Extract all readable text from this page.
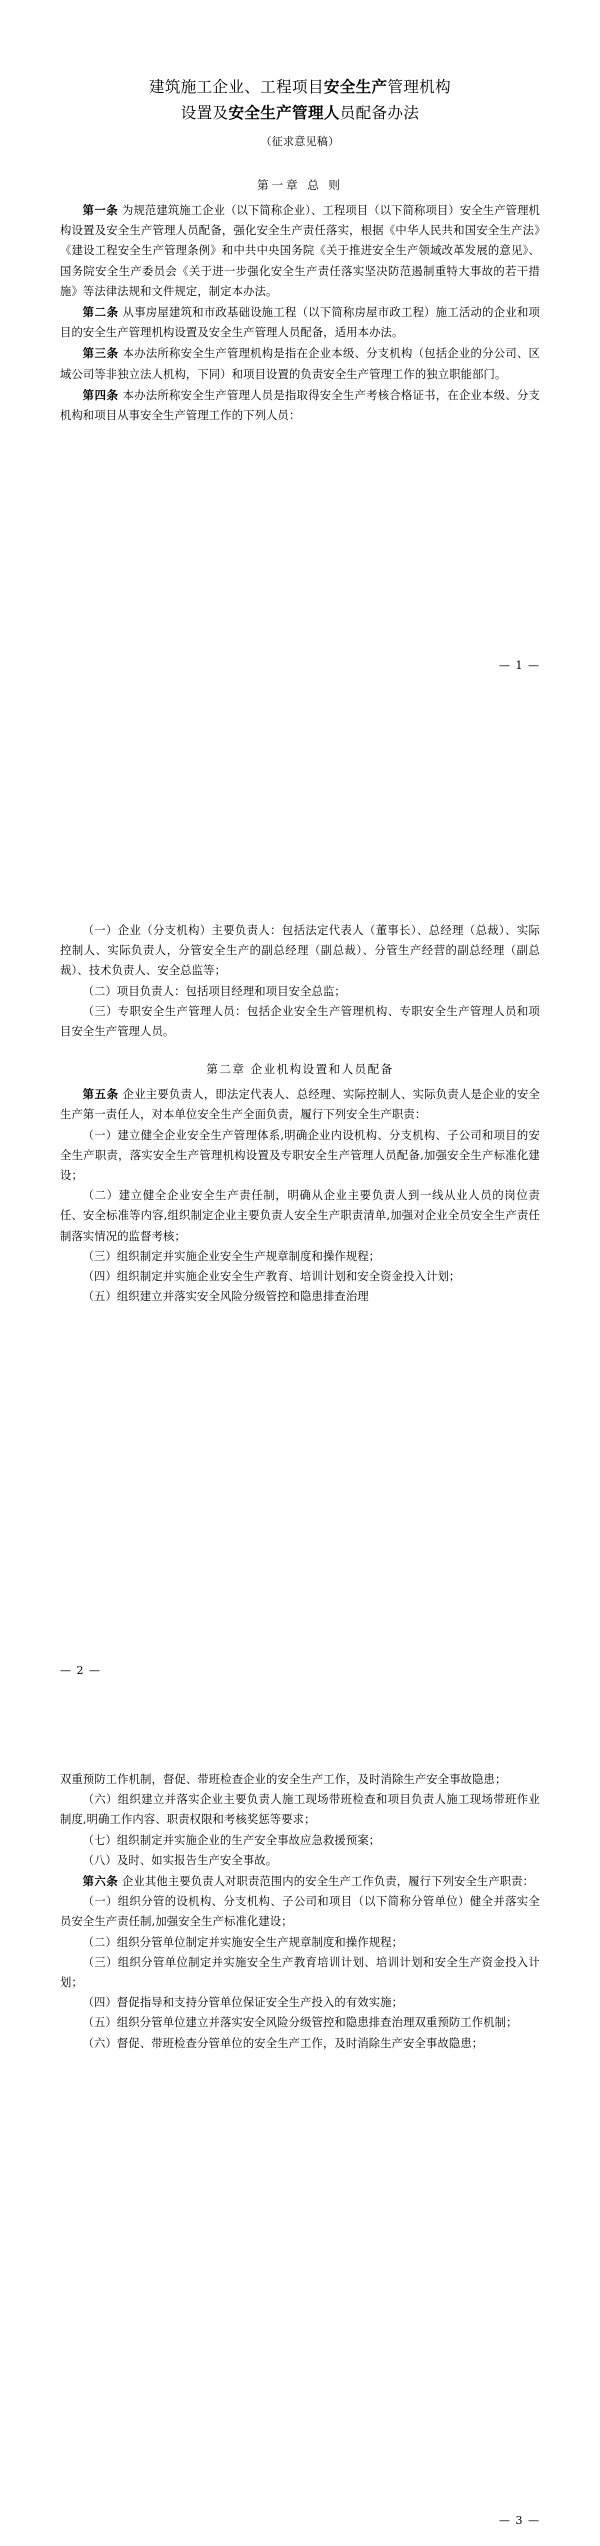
建筑施工企业、工程项目安全生产管理机构
设置及安全生产管理人员配备办法
（征求意见稿）
第一章 总 则

第一条 为规范建筑施工企业（以下简称企业）、工程项目（以下简称项目）安全生产管理机构设置及安全生产管理人员配备，强化安全生产责任落实，根据《中华人民共和国安全生产法》《建设工程安全生产管理条例》和中共中央国务院《关于推进安全生产领域改革发展的意见》、国务院安全生产委员会《关于进一步强化安全生产责任落实坚决防范遏制重特大事故的若干措施》等法律法规和文件规定，制定本办法。

第二条 从事房屋建筑和市政基础设施工程（以下简称房屋市政工程）施工活动的企业和项目的安全生产管理机构设置及安全生产管理人员配备，适用本办法。

第三条 本办法所称安全生产管理机构是指在企业本级、分支机构（包括企业的分公司、区域公司等非独立法人机构，下同）和项目设置的负责安全生产管理工作的独立职能部门。

第四条 本办法所称安全生产管理人员是指取得安全生产考核合格证书，在企业本级、分支机构和项目从事安全生产管理工作的下列人员：

— 1 —

（一）企业（分支机构）主要负责人：包括法定代表人（董事长）、总经理（总裁）、实际控制人、实际负责人，分管安全生产的副总经理（副总裁）、分管生产经营的副总经理（副总裁）、技术负责人、安全总监等；

（二）项目负责人：包括项目经理和项目安全总监；

（三）专职安全生产管理人员：包括企业安全生产管理机构、专职安全生产管理人员和项目安全生产管理人员。

第二章 企业机构设置和人员配备

第五条 企业主要负责人，即法定代表人、总经理、实际控制人、实际负责人是企业的安全生产第一责任人，对本单位安全生产全面负责，履行下列安全生产职责：

（一）建立健全企业安全生产管理体系,明确企业内设机构、分支机构、子公司和项目的安全生产职责，落实安全生产管理机构设置及专职安全生产管理人员配备,加强安全生产标准化建设；

（二）建立健全企业安全生产责任制，明确从企业主要负责人到一线从业人员的岗位责任、安全标准等内容,组织制定企业主要负责人安全生产职责清单,加强对企业全员安全生产责任制落实情况的监督考核；

（三）组织制定并实施企业安全生产规章制度和操作规程；

（四）组织制定并实施企业安全生产教育、培训计划和安全资金投入计划；

（五）组织建立并落实安全风险分级管控和隐患排查治理

— 2 —

双重预防工作机制，督促、带班检查企业的安全生产工作，及时消除生产安全事故隐患；

（六）组织建立并落实企业主要负责人施工现场带班检查和项目负责人施工现场带班作业制度,明确工作内容、职责权限和考核奖惩等要求；

（七）组织制定并实施企业的生产安全事故应急救援预案；

（八）及时、如实报告生产安全事故。

第六条 企业其他主要负责人对职责范围内的安全生产工作负责，履行下列安全生产职责：

（一）组织分管的设机构、分支机构、子公司和项目（以下简称分管单位）健全并落实全员安全生产责任制,加强安全生产标准化建设；

（二）组织分管单位制定并实施安全生产规章制度和操作规程；

（三）组织分管单位制定并实施安全生产教育培训计划、培训计划和安全生产资金投入计划；

（四）督促指导和支持分管单位保证安全生产投入的有效实施；

（五）组织分管单位建立并落实安全风险分级管控和隐患排查治理双重预防工作机制；

（六）督促、带班检查分管单位的安全生产工作，及时消除生产安全事故隐患；

— 3 —
